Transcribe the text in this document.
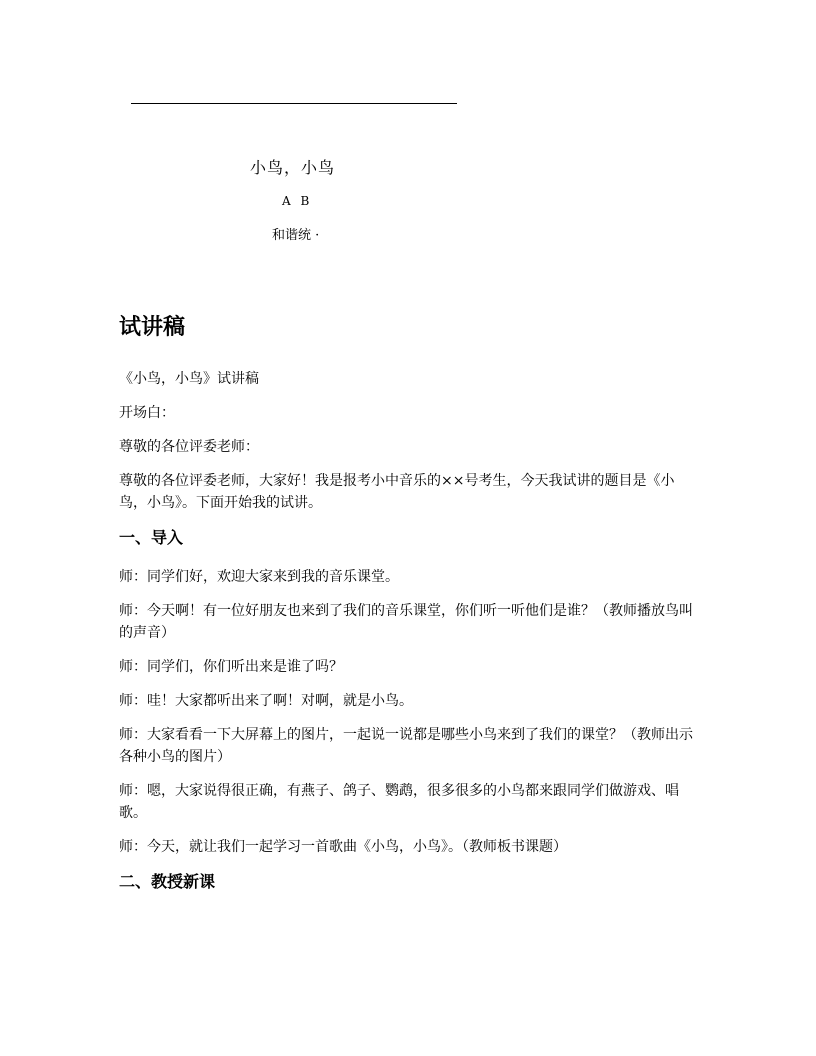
小鸟，小鸟
A B
和谐统 ·
试讲稿

《小鸟，小鸟》试讲稿

开场白：

尊敬的各位评委老师：

尊敬的各位评委老师，大家好！我是报考小中音乐的××号考生，今天我试讲的题目是《小鸟，小鸟》。下面开始我的试讲。

一、导入

师：同学们好，欢迎大家来到我的音乐课堂。

师：今天啊！有一位好朋友也来到了我们的音乐课堂，你们听一听他们是谁？（教师播放鸟叫的声音）

师：同学们，你们听出来是谁了吗？

师：哇！大家都听出来了啊！对啊，就是小鸟。

师：大家看看一下大屏幕上的图片，一起说一说都是哪些小鸟来到了我们的课堂？（教师出示各种小鸟的图片）

师：嗯，大家说得很正确，有燕子、鸽子、鹦鹉，很多很多的小鸟都来跟同学们做游戏、唱歌。

师：今天，就让我们一起学习一首歌曲《小鸟，小鸟》。（教师板书课题）

二、教授新课
